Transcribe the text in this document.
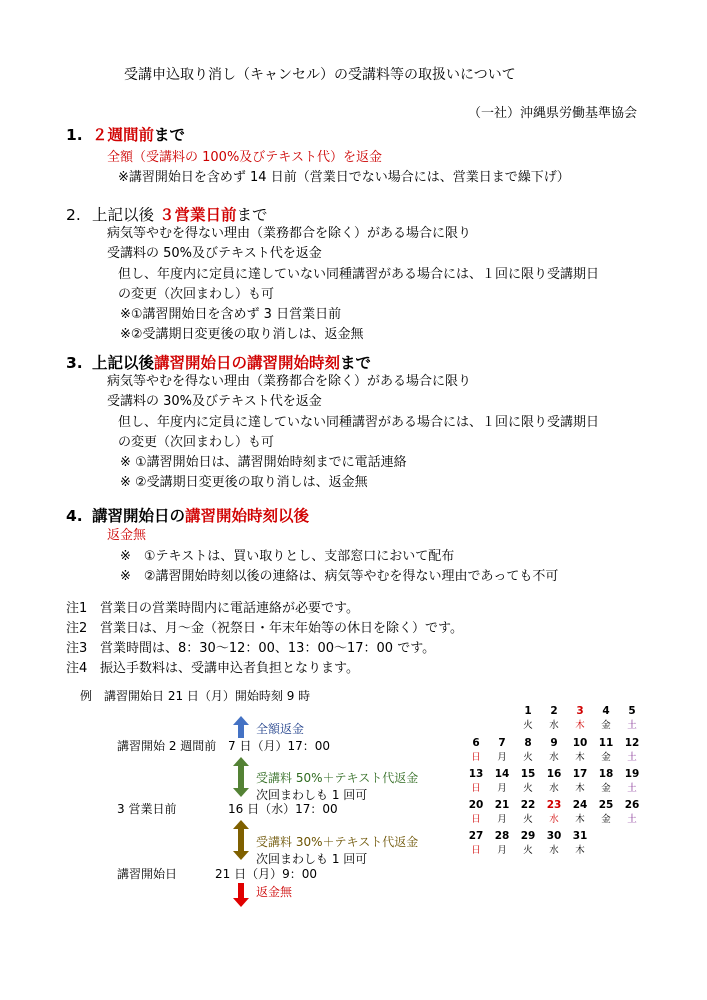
受講申込取り消し（キャンセル）の受講料等の取扱いについて
（一社）沖縄県労働基準協会
1. ２週間前まで
全額（受講料の 100%及びテキスト代）を返金
※講習開始日を含めず 14 日前（営業日でない場合には、営業日まで繰下げ）
2. 上記以後 ３営業日前まで
病気等やむを得ない理由（業務都合を除く）がある場合に限り
受講料の 50%及びテキスト代を返金
但し、年度内に定員に達していない同種講習がある場合には、１回に限り受講期日
の変更（次回まわし）も可
※①講習開始日を含めず 3 日営業日前
※②受講期日変更後の取り消しは、返金無
3. 上記以後講習開始日の講習開始時刻まで
病気等やむを得ない理由（業務都合を除く）がある場合に限り
受講料の 30%及びテキスト代を返金
但し、年度内に定員に達していない同種講習がある場合には、１回に限り受講期日
の変更（次回まわし）も可
※ ①講習開始日は、講習開始時刻までに電話連絡
※ ②受講期日変更後の取り消しは、返金無
4. 講習開始日の講習開始時刻以後
返金無
※　①テキストは、買い取りとし、支部窓口において配布
※　②講習開始時刻以後の連絡は、病気等やむを得ない理由であっても不可
注1 営業日の営業時間内に電話連絡が必要です。
注2 営業日は、月～金（祝祭日・年末年始等の休日を除く）です。
注3 営業時間は、8：30～12：00、13：00～17：00 です。
注4 振込手数料は、受講申込者負担となります。
例　講習開始日 21 日（月）開始時刻 9 時
講習開始 2 週間前 7 日（月）17：00
3 営業日前	16 日（水）17：00
講習開始日	21 日（月）9：00
全額返金
受講料 50%＋テキスト代返金
次回まわしも 1 回可
受講料 30%＋テキスト代返金
次回まわしも 1 回可
返金無
1	2	3	4	5
火	水	木	金	土
6	7	8	9	10	11	12
日	月	火	水	木	金	土
13	14	15	16	17	18	19
日	月	火	水	木	金	土
20	21	22	23	24	25	26
日	月	火	水	木	金	土
27	28	29	30	31
日	月	火	水	木
